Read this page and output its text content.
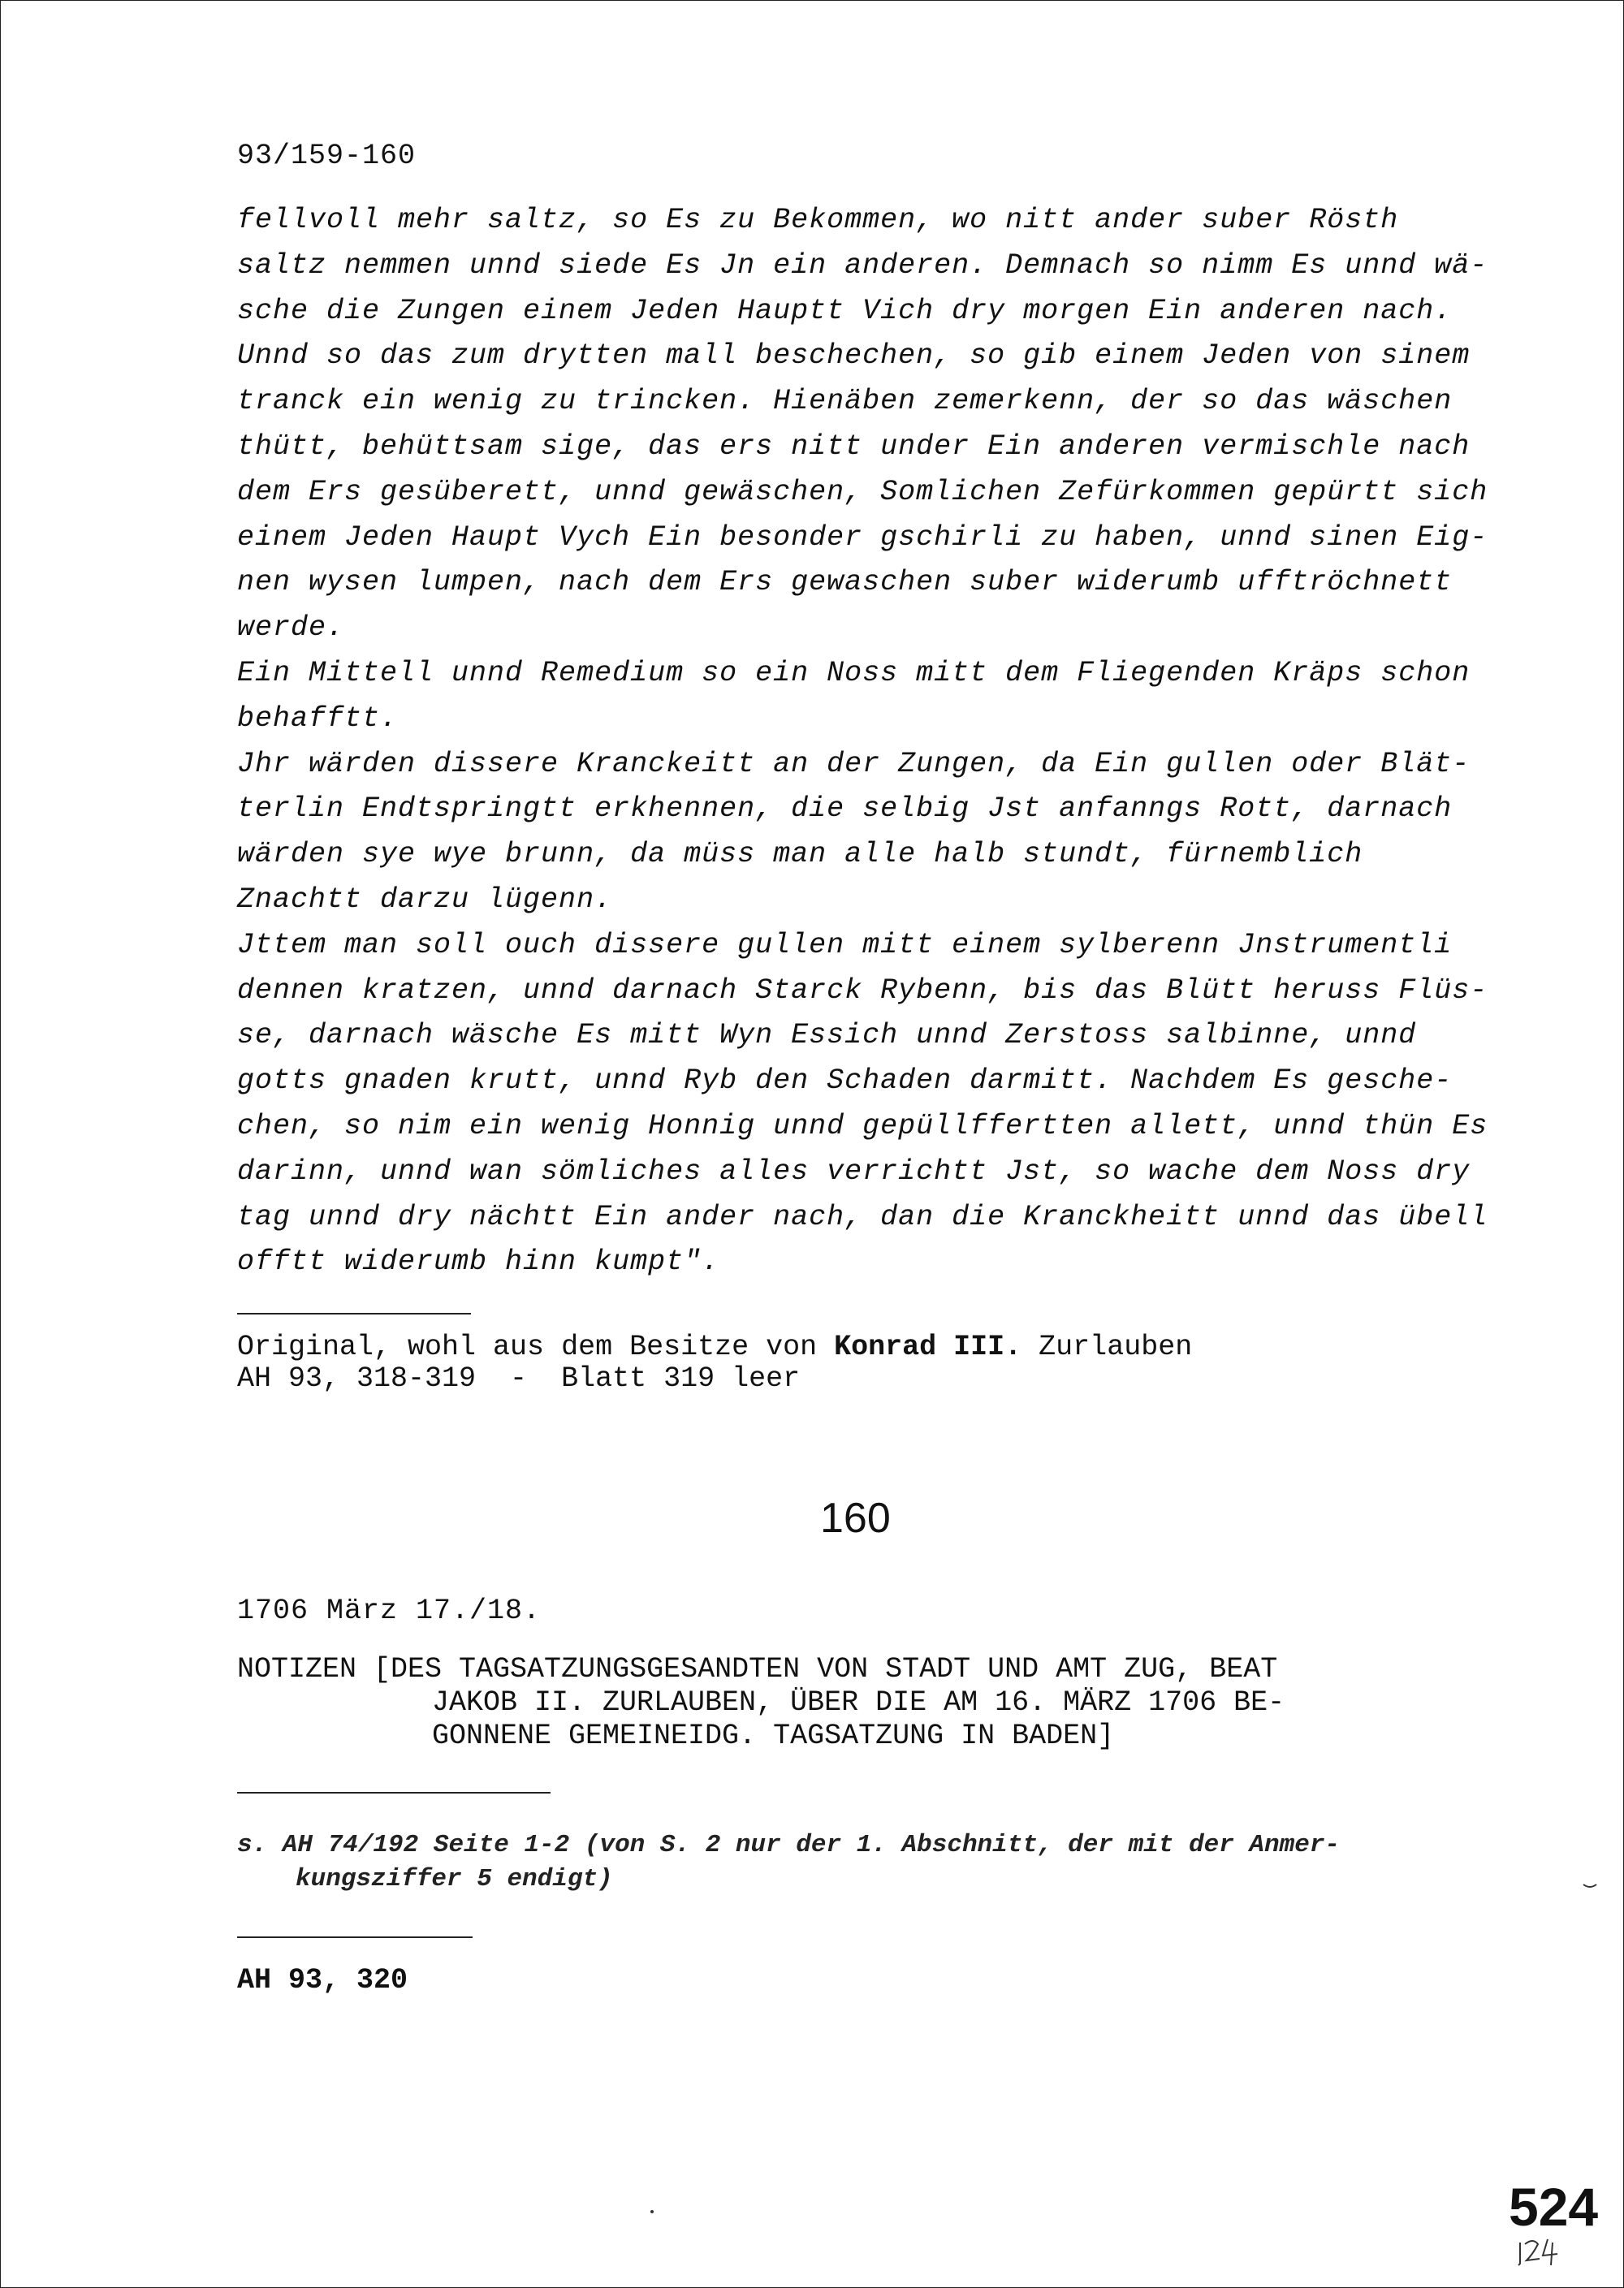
93/159-160
fellvoll mehr saltz, so Es zu Bekommen, wo nitt ander suber Rösth
saltz nemmen unnd siede Es Jn ein anderen. Demnach so nimm Es unnd wä-
sche die Zungen einem Jeden Hauptt Vich dry morgen Ein anderen nach.
Unnd so das zum drytten mall beschechen, so gib einem Jeden von sinem
tranck ein wenig zu trincken. Hienäben zemerkenn, der so das wäschen
thütt, behüttsam sige, das ers nitt under Ein anderen vermischle nach
dem Ers gesüberett, unnd gewäschen, Somlichen Zefürkommen gepürtt sich
einem Jeden Haupt Vych Ein besonder gschirli zu haben, unnd sinen Eig-
nen wysen lumpen, nach dem Ers gewaschen suber widerumb ufftröchnett
werde.
Ein Mittell unnd Remedium so ein Noss mitt dem Fliegenden Kräps schon
behafftt.
Jhr wärden dissere Kranckeitt an der Zungen, da Ein gullen oder Blät-
terlin Endtspringtt erkhennen, die selbig Jst anfanngs Rott, darnach
wärden sye wye brunn, da müss man alle halb stundt, fürnemblich
Znachtt darzu lügenn.
Jttem man soll ouch dissere gullen mitt einem sylberenn Jnstrumentli
dennen kratzen, unnd darnach Starck Rybenn, bis das Blütt heruss Flüs-
se, darnach wäsche Es mitt Wyn Essich unnd Zerstoss salbinne, unnd
gotts gnaden krutt, unnd Ryb den Schaden darmitt. Nachdem Es gesche-
chen, so nim ein wenig Honnig unnd gepüllffertten allett, unnd thün Es
darinn, unnd wan sömliches alles verrichtt Jst, so wache dem Noss dry
tag unnd dry nächtt Ein ander nach, dan die Kranckheitt unnd das übell
offtt widerumb hinn kumpt".
Original, wohl aus dem Besitze von Konrad III. Zurlauben
AH 93, 318-319  -  Blatt 319 leer
160
1706 März 17./18.
NOTIZEN [DES TAGSATZUNGSGESANDTEN VON STADT UND AMT ZUG, BEAT
JAKOB II. ZURLAUBEN, ÜBER DIE AM 16. MÄRZ 1706 BE-
GONNENE GEMEINEIDG. TAGSATZUNG IN BADEN]
s. AH 74/192 Seite 1-2 (von S. 2 nur der 1. Abschnitt, der mit der Anmer-
kungsziffer 5 endigt)
AH 93, 320
524
